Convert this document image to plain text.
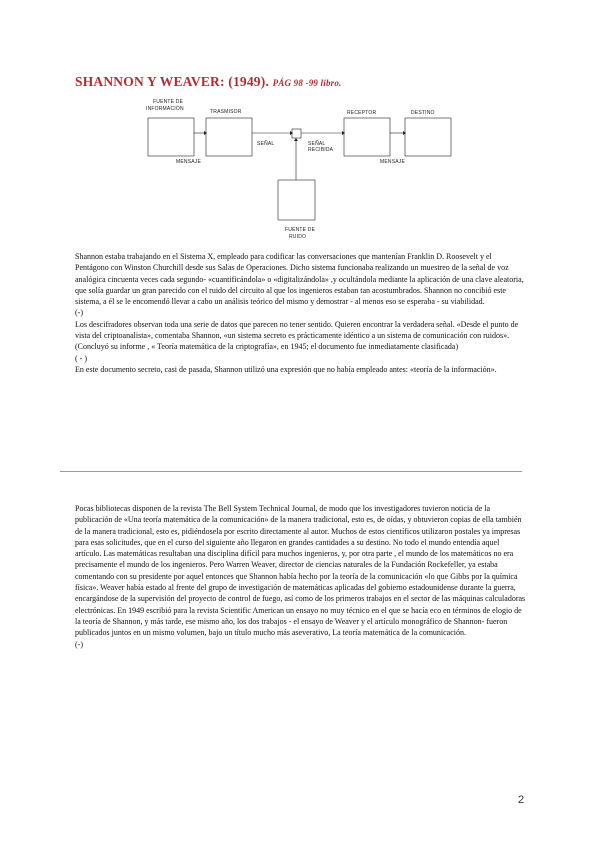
SHANNON Y WEAVER: (1949). PÁG 98 -99 libro.
FUENTE DE
INFORMACIÓN	TRASMISOR	RECEPTOR	DESTINO
MENSAJE
SEÑAL	SEÑAL
RECIBIDA
MENSAJE
FUENTE DE
RUIDO

Shannon estaba trabajando en el Sistema X, empleado para codificar las conversaciones que mantenían Franklin D. Roosevelt y el Pentágono con Winston Churchill desde sus Salas de Operaciones. Dicho sistema funcionaba realizando un muestreo de la señal de voz analógica cincuenta veces cada segundo- «cuantificándola» o «digitalizándola» ,y ocultándola mediante la aplicación de una clave aleatoria, que solía guardar un gran parecido con el ruido del circuito al que los ingenieros estaban tan acostumbrados. Shannon no concibió este sistema, a él se le encomendó llevar a cabo un análisis teórico del mismo y demostrar - al menos eso se esperaba - su viabilidad.

(-)

Los descifradores observan toda una serie de datos que parecen no tener sentido. Quieren encontrar la verdadera señal. «Desde el punto de vista del criptoanalista», comentaba Shannon, «un sistema secreto es prácticamente idéntico a un sistema de comunicación con ruidos». (Concluyó su informe , « Teoría matemática de la criptografía», en 1945; el documento fue inmediatamente clasificada)

( - )

En este documento secreto, casi de pasada, Shannon utilizó una expresión que no había empleado antes: «teoría de la información».

Pocas bibliotecas disponen de la revista The Bell System Technical Journal, de modo que los investigadores tuvieron noticia de la publicación de «Una teoría matemática de la comunicación» de la manera tradicional, esto es, de oídas, y obtuvieron copias de ella también de la manera tradicional, esto es, pidiéndosela por escrito directamente al autor. Muchos de estos científicos utilizaron postales ya impresas para esas solicitudes, que en el curso del siguiente año llegaron en grandes cantidades a su destino. No todo el mundo entendía aquel artículo. Las matemáticas resultaban una disciplina difícil para muchos ingenieros, y, por otra parte , el mundo de los matemáticos no era precisamente el mundo de los ingenieros. Pero Warren Weaver, director de ciencias naturales de la Fundación Rockefeller, ya estaba comentando con su presidente por aquel entonces que Shannon había hecho por la teoría de la comunicación «lo que Gibbs por la química física». Weaver había estado al frente del grupo de investigación de matemáticas aplicadas del gobierno estadounidense durante la guerra, encargándose de la supervisión del proyecto de control de fuego, así como de los primeros trabajos en el sector de las máquinas calculadoras electrónicas. En 1949 escribió para la revista Scientific American un ensayo no muy técnico en el que se hacía eco en términos de elogio de la teoría de Shannon, y más tarde, ese mismo año, los dos trabajos - el ensayo de Weaver y el artículo monográfico de Shannon- fueron publicados juntos en un mismo volumen, bajo un título mucho más aseverativo, La teoría matemática de la comunicación.

(-)

2
